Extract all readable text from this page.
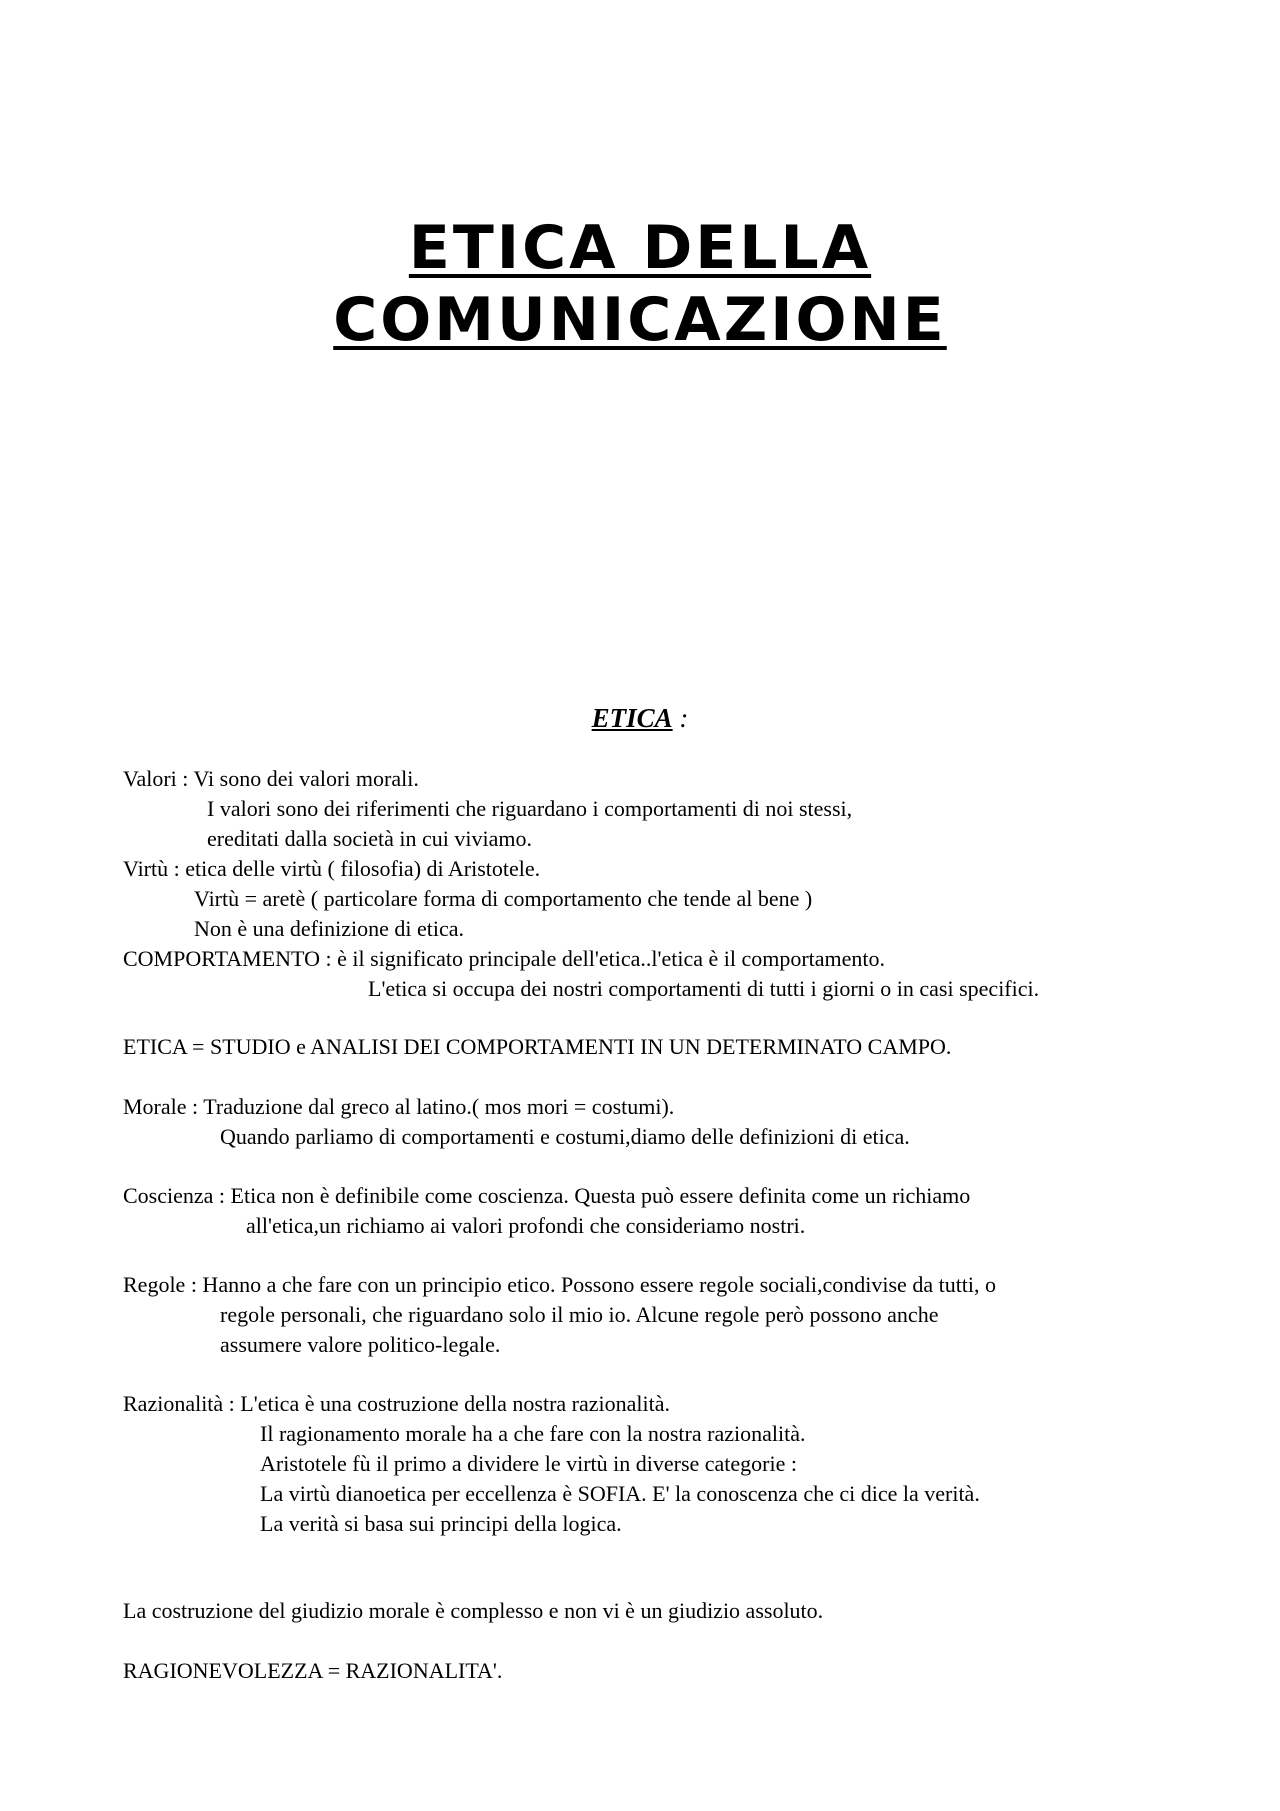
ETICA DELLA
COMUNICAZIONE
ETICA :
Valori : Vi sono dei valori morali.
I valori sono dei riferimenti che riguardano i comportamenti di noi stessi,
ereditati dalla società in cui viviamo.
Virtù : etica delle virtù ( filosofia) di Aristotele.
Virtù = aretè ( particolare forma di comportamento che tende al bene )
Non è una definizione di etica.
COMPORTAMENTO : è il significato principale dell'etica..l'etica è il comportamento.
L'etica si occupa dei nostri comportamenti di tutti i giorni o in casi specifici.
ETICA = STUDIO e ANALISI DEI COMPORTAMENTI IN UN DETERMINATO CAMPO.
Morale : Traduzione dal greco al latino.( mos mori = costumi).
Quando parliamo di comportamenti e costumi,diamo delle definizioni di etica.
Coscienza : Etica non è definibile come coscienza. Questa può essere definita come un richiamo
all'etica,un richiamo ai valori profondi che consideriamo nostri.
Regole : Hanno a che fare con un principio etico. Possono essere regole sociali,condivise da tutti, o
regole personali, che riguardano solo il mio io. Alcune regole però possono anche
assumere valore politico-legale.
Razionalità : L'etica è una costruzione della nostra razionalità.
Il ragionamento morale ha a che fare con la nostra razionalità.
Aristotele fù il primo a dividere le virtù in diverse categorie :
La virtù dianoetica per eccellenza è SOFIA. E' la conoscenza che ci dice la verità.
La verità si basa sui principi della logica.
La costruzione del giudizio morale è complesso e non vi è un giudizio assoluto.
RAGIONEVOLEZZA = RAZIONALITA'.
